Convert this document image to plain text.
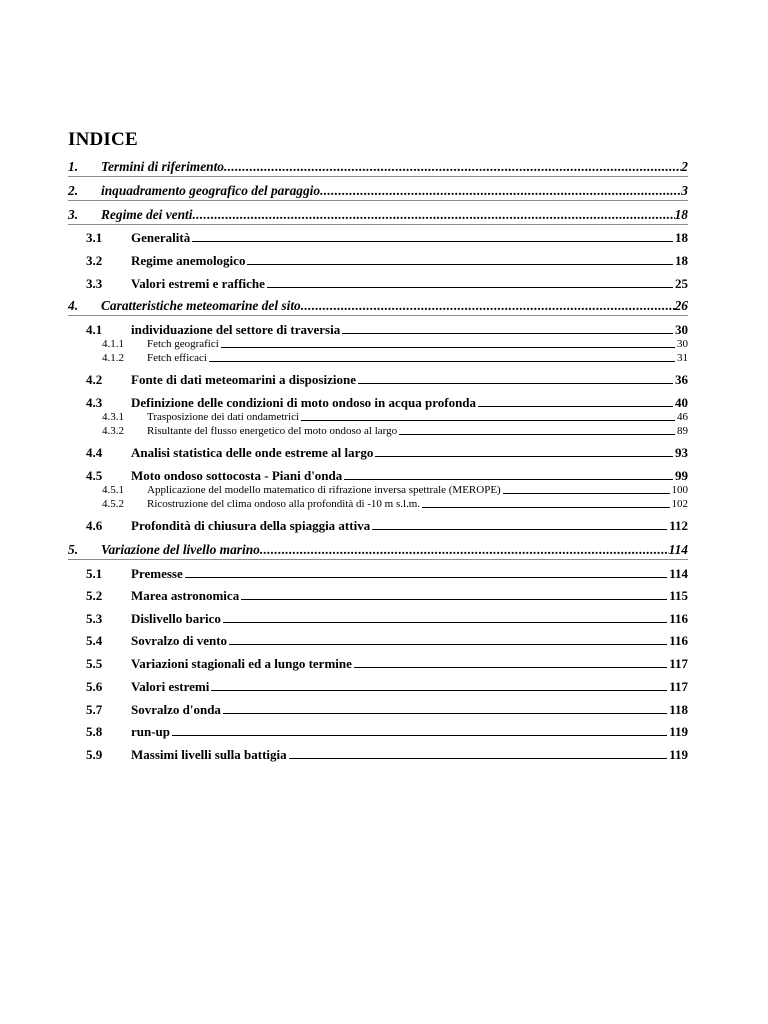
INDICE
1.	Termini di riferimento .....	2
2.	inquadramento geografico del paraggio .....	3
3.	Regime dei venti .....	18
3.1	Generalità	18
3.2	Regime anemologico	18
3.3	Valori estremi e raffiche	25
4.	Caratteristiche meteomarine del sito .....	26
4.1	individuazione del settore di traversia	30
4.1.1	Fetch geografici	30
4.1.2	Fetch efficaci	31
4.2	Fonte di dati meteomarini a disposizione	36
4.3	Definizione delle condizioni di moto ondoso in acqua profonda	40
4.3.1	Trasposizione dei dati ondametrici	46
4.3.2	Risultante del flusso energetico del moto ondoso al largo	89
4.4	Analisi statistica delle onde estreme al largo	93
4.5	Moto ondoso sottocosta - Piani d'onda	99
4.5.1	Applicazione del modello matematico di rifrazione inversa spettrale (MEROPE)	100
4.5.2	Ricostruzione del clima ondoso alla profondità di -10 m s.l.m.	102
4.6	Profondità di chiusura della spiaggia attiva	112
5.	Variazione del livello marino .....	114
5.1	Premesse	114
5.2	Marea astronomica	115
5.3	Dislivello barico	116
5.4	Sovralzo di vento	116
5.5	Variazioni stagionali ed a lungo termine	117
5.6	Valori estremi	117
5.7	Sovralzo d'onda	118
5.8	run-up	119
5.9	Massimi livelli sulla battigia	119
